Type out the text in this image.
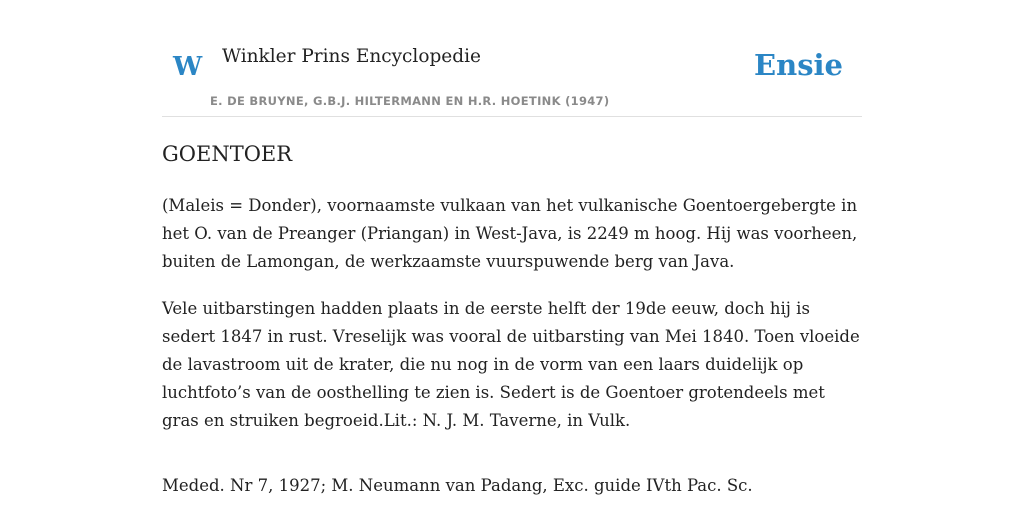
W Winkler Prins Encyclopedie
E. DE BRUYNE, G.B.J. HILTERMANN EN H.R. HOETINK (1947)
Ensie
GOENTOER

(Maleis = Donder), voornaamste vulkaan van het vulkanische Goentoergebergte in het O. van de Preanger (Priangan) in West-Java, is 2249 m hoog. Hij was voorheen, buiten de Lamongan, de werkzaamste vuurspuwende berg van Java.

Vele uitbarstingen hadden plaats in de eerste helft der 19de eeuw, doch hij is sedert 1847 in rust. Vreselijk was vooral de uitbarsting van Mei 1840. Toen vloeide de lavastroom uit de krater, die nu nog in de vorm van een laars duidelijk op luchtfoto’s van de oosthelling te zien is. Sedert is de Goentoer grotendeels met gras en struiken begroeid.Lit.: N. J. M. Taverne, in Vulk.

Meded. Nr 7, 1927; M. Neumann van Padang, Exc. guide IVth Pac. Sc.
